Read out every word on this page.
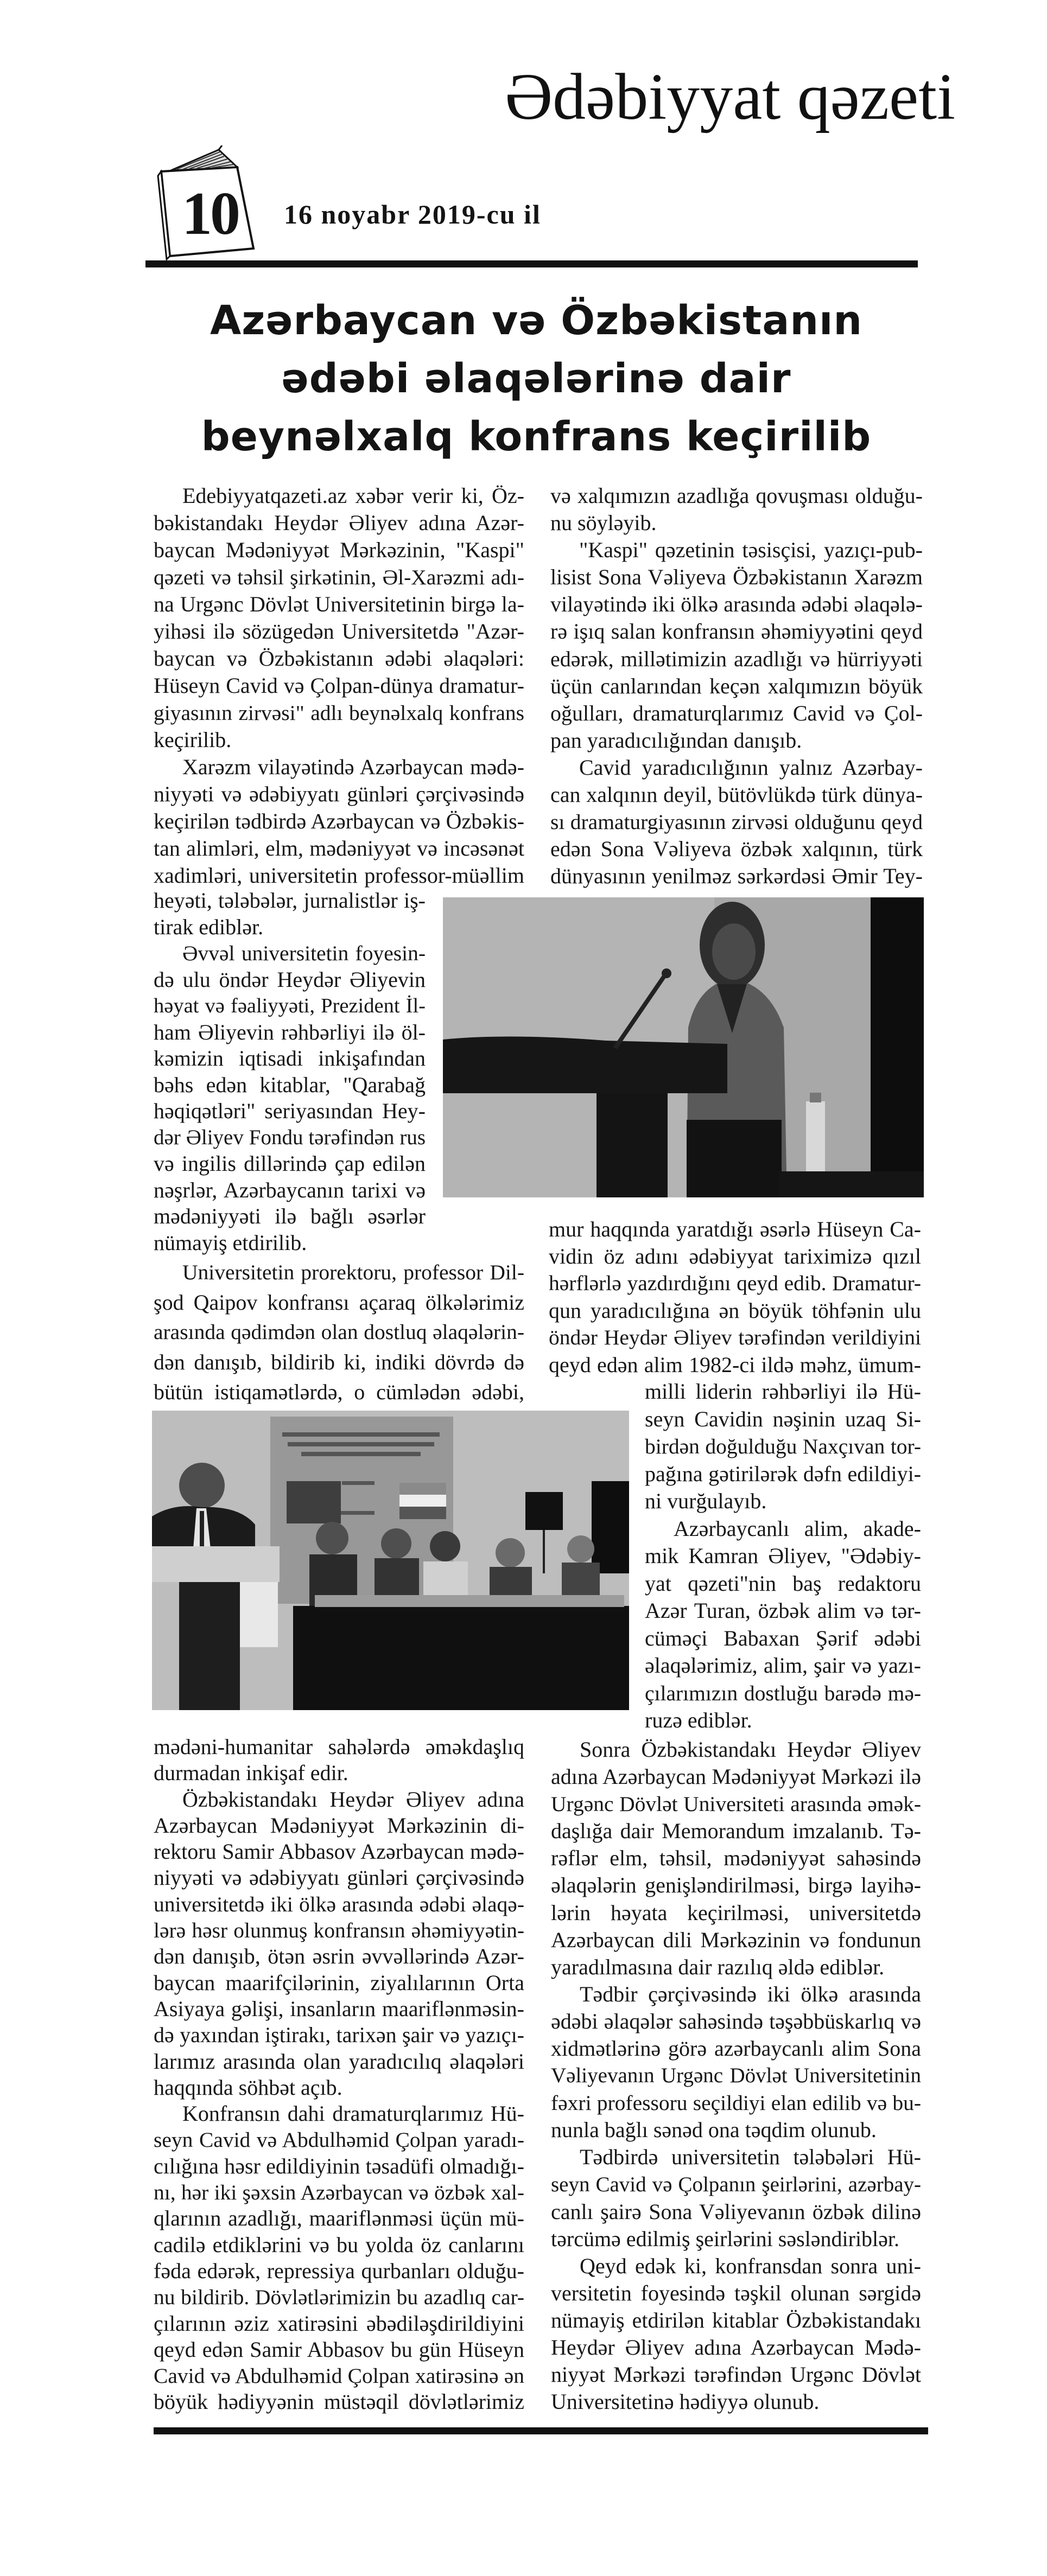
Ədəbiyyat qəzeti
10 16 noyabr 2019-cu il
Azərbaycan və Özbəkistanın
ədəbi əlaqələrinə dair
beynəlxalq konfrans keçirilib
Edebiyyatqazeti.az xəbər verir ki, Öz-
bəkistandakı Heydər Əliyev adına Azər-
baycan Mədəniyyət Mərkəzinin, "Kaspi"
qəzeti və təhsil şirkətinin, Əl-Xarəzmi adı-
na Urgənc Dövlət Universitetinin birgə la-
yihəsi ilə sözügedən Universitetdə "Azər-
baycan və Özbəkistanın ədəbi əlaqələri:
Hüseyn Cavid və Çolpan-dünya dramatur-
giyasının zirvəsi" adlı beynəlxalq konfrans
keçirilib.
Xarəzm vilayətində Azərbaycan mədə-
niyyəti və ədəbiyyatı günləri çərçivəsində
keçirilən tədbirdə Azərbaycan və Özbəkis-
tan alimləri, elm, mədəniyyət və incəsənət
xadimləri, universitetin professor-müəllim
heyəti, tələbələr, jurnalistlər iş-
tirak ediblər.
Əvvəl universitetin foyesin-
də ulu öndər Heydər Əliyevin
həyat və fəaliyyəti, Prezident İl-
ham Əliyevin rəhbərliyi ilə öl-
kəmizin iqtisadi inkişafından
bəhs edən kitablar, "Qarabağ
həqiqətləri" seriyasından Hey-
dər Əliyev Fondu tərəfindən rus
və ingilis dillərində çap edilən
nəşrlər, Azərbaycanın tarixi və
mədəniyyəti ilə bağlı əsərlər
nümayiş etdirilib.
Universitetin prorektoru, professor Dil-
şod Qaipov konfransı açaraq ölkələrimiz
arasında qədimdən olan dostluq əlaqələrin-
dən danışıb, bildirib ki, indiki dövrdə də
bütün istiqamətlərdə, o cümlədən ədəbi,
mədəni-humanitar sahələrdə əməkdaşlıq
durmadan inkişaf edir.
Özbəkistandakı Heydər Əliyev adına
Azərbaycan Mədəniyyət Mərkəzinin di-
rektoru Samir Abbasov Azərbaycan mədə-
niyyəti və ədəbiyyatı günləri çərçivəsində
universitetdə iki ölkə arasında ədəbi əlaqə-
lərə həsr olunmuş konfransın əhəmiyyətin-
dən danışıb, ötən əsrin əvvəllərində Azər-
baycan maarifçilərinin, ziyalılarının Orta
Asiyaya gəlişi, insanların maariflənməsin-
də yaxından iştirakı, tarixən şair və yazıçı-
larımız arasında olan yaradıcılıq əlaqələri
haqqında söhbət açıb.
Konfransın dahi dramaturqlarımız Hü-
seyn Cavid və Abdulhəmid Çolpan yaradı-
cılığına həsr edildiyinin təsadüfi olmadığı-
nı, hər iki şəxsin Azərbaycan və özbək xal-
qlarının azadlığı, maariflənməsi üçün mü-
cadilə etdiklərini və bu yolda öz canlarını
fəda edərək, repressiya qurbanları olduğu-
nu bildirib. Dövlətlərimizin bu azadlıq car-
çılarının əziz xatirəsini əbədiləşdirildiyini
qeyd edən Samir Abbasov bu gün Hüseyn
Cavid və Abdulhəmid Çolpan xatirəsinə ən
böyük hədiyyənin müstəqil dövlətlərimiz
və xalqımızın azadlığa qovuşması olduğu-
nu söyləyib.
"Kaspi" qəzetinin təsisçisi, yazıçı-pub-
lisist Sona Vəliyeva Özbəkistanın Xarəzm
vilayətində iki ölkə arasında ədəbi əlaqələ-
rə işıq salan konfransın əhəmiyyətini qeyd
edərək, millətimizin azadlığı və hürriyyəti
üçün canlarından keçən xalqımızın böyük
oğulları, dramaturqlarımız Cavid və Çol-
pan yaradıcılığından danışıb.
Cavid yaradıcılığının yalnız Azərbay-
can xalqının deyil, bütövlükdə türk dünya-
sı dramaturgiyasının zirvəsi olduğunu qeyd
edən Sona Vəliyeva özbək xalqının, türk
dünyasının yenilməz sərkərdəsi Əmir Tey-
mur haqqında yaratdığı əsərlə Hüseyn Ca-
vidin öz adını ədəbiyyat tariximizə qızıl
hərflərlə yazdırdığını qeyd edib. Dramatur-
qun yaradıcılığına ən böyük töhfənin ulu
öndər Heydər Əliyev tərəfindən verildiyini
qeyd edən alim 1982-ci ildə məhz, ümum-
milli liderin rəhbərliyi ilə Hü-
seyn Cavidin nəşinin uzaq Si-
birdən doğulduğu Naxçıvan tor-
pağına gətirilərək dəfn edildiyi-
ni vurğulayıb.
Azərbaycanlı alim, akade-
mik Kamran Əliyev, "Ədəbiy-
yat qəzeti"nin baş redaktoru
Azər Turan, özbək alim və tər-
cüməçi Babaxan Şərif ədəbi
əlaqələrimiz, alim, şair və yazı-
çılarımızın dostluğu barədə mə-
ruzə ediblər.
Sonra Özbəkistandakı Heydər Əliyev
adına Azərbaycan Mədəniyyət Mərkəzi ilə
Urgənc Dövlət Universiteti arasında əmək-
daşlığa dair Memorandum imzalanıb. Tə-
rəflər elm, təhsil, mədəniyyət sahəsində
əlaqələrin genişləndirilməsi, birgə layihə-
lərin həyata keçirilməsi, universitetdə
Azərbaycan dili Mərkəzinin və fondunun
yaradılmasına dair razılıq əldə ediblər.
Tədbir çərçivəsində iki ölkə arasında
ədəbi əlaqələr sahəsində təşəbbüskarlıq və
xidmətlərinə görə azərbaycanlı alim Sona
Vəliyevanın Urgənc Dövlət Universitetinin
fəxri professoru seçildiyi elan edilib və bu-
nunla bağlı sənəd ona təqdim olunub.
Tədbirdə universitetin tələbələri Hü-
seyn Cavid və Çolpanın şeirlərini, azərbay-
canlı şairə Sona Vəliyevanın özbək dilinə
tərcümə edilmiş şeirlərini səsləndiriblər.
Qeyd edək ki, konfransdan sonra uni-
versitetin foyesində təşkil olunan sərgidə
nümayiş etdirilən kitablar Özbəkistandakı
Heydər Əliyev adına Azərbaycan Mədə-
niyyət Mərkəzi tərəfindən Urgənc Dövlət
Universitetinə hədiyyə olunub.
